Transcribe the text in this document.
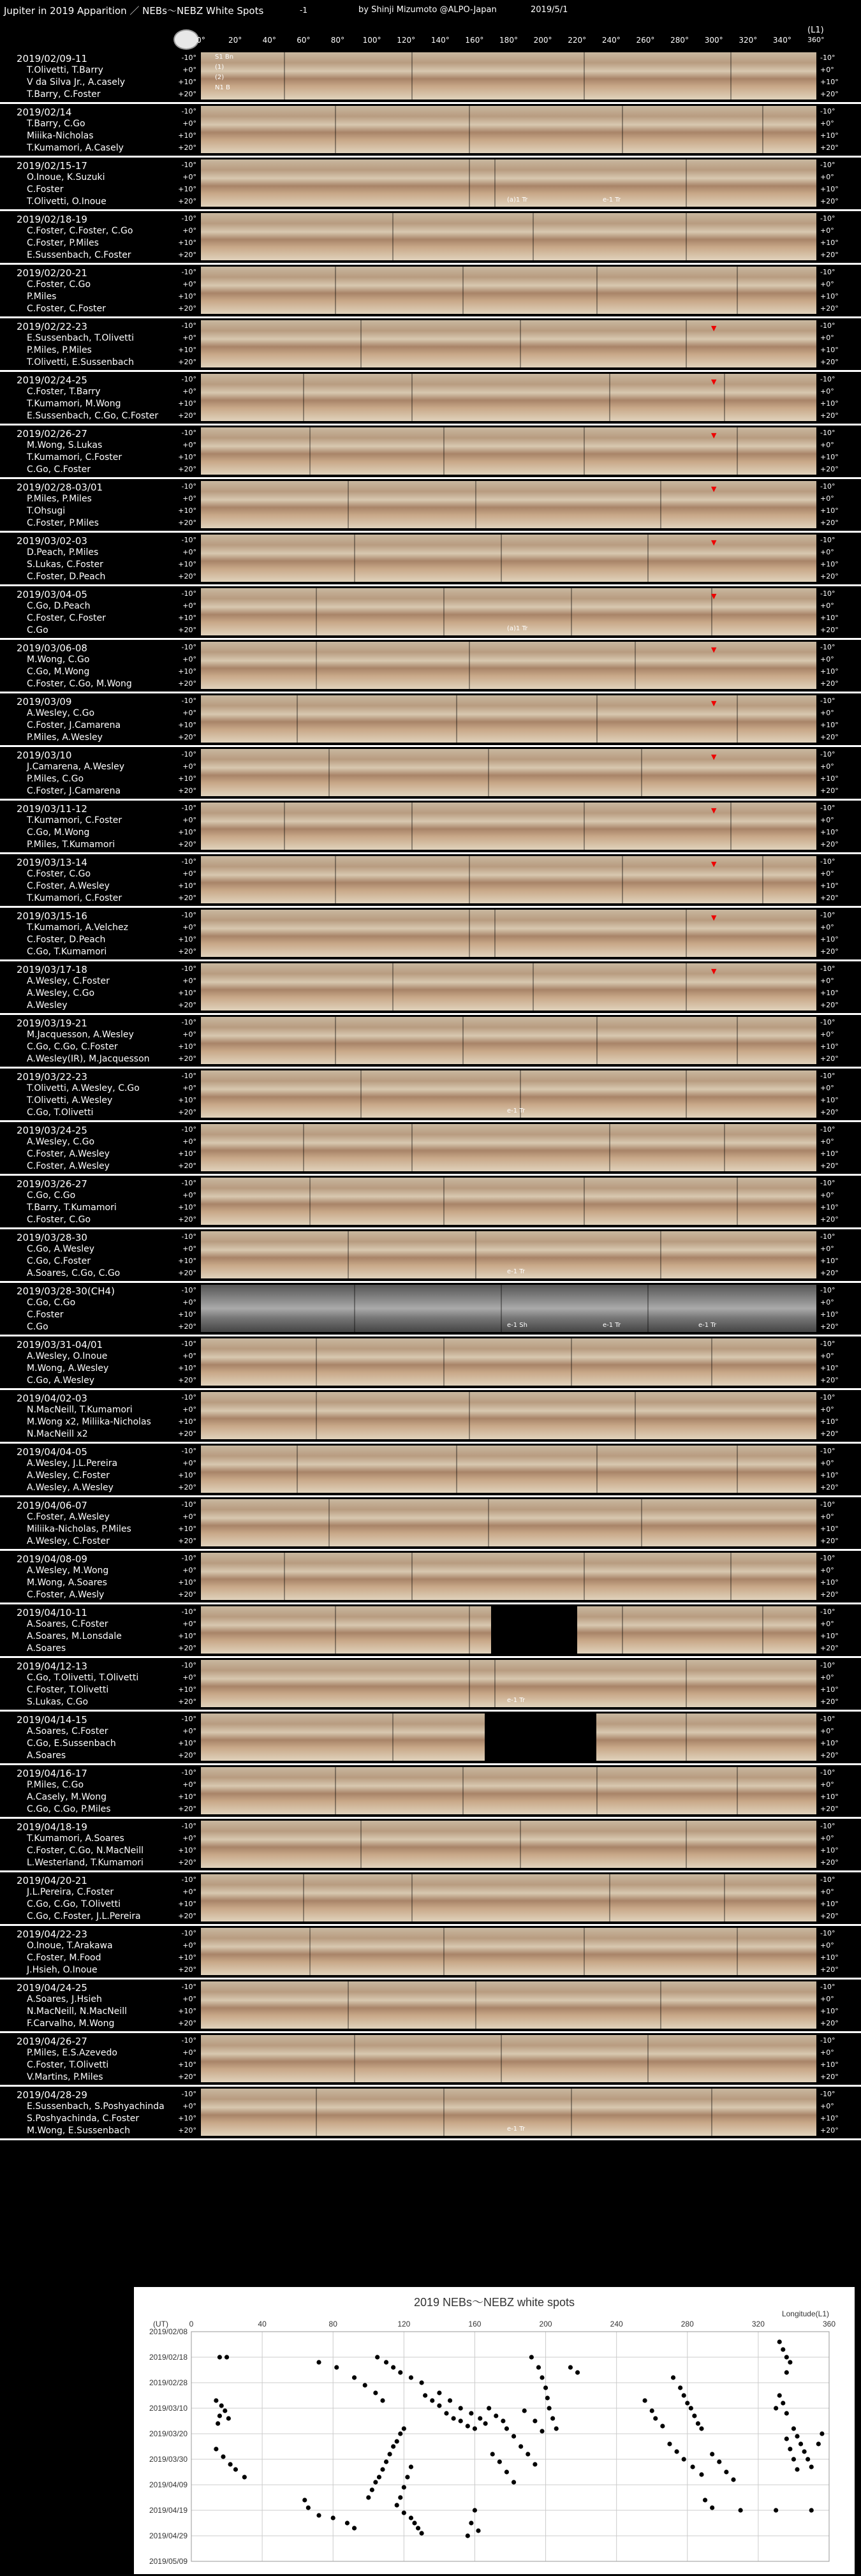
Jupiter in 2019 Apparition ／ NEBs～NEBZ White Spots	-1	by Shinji Mizumoto @ALPO-Japan	2019/5/1
(L1)
360°
0°	20°	40°	60°	80° 100° 120° 140° 160° 180° 200° 220° 240° 260° 280° 300° 320° 340°
2019/02/09-11
T.Olivetti, T.Barry
V da Silva Jr., A.casely
T.Barry, C.Foster
-10°	-10°
+0°	+0°
+10°	+10°
+20°	+20°
S1 Bn
(1)
(2)
N1 B
2019/02/14
T.Barry, C.Go
Miiika-Nicholas
T.Kumamori, A.Casely
-10°	-10°
+0°	+0°
+10°	+10°
+20°	+20°
2019/02/15-17
O.Inoue, K.Suzuki
C.Foster
T.Olivetti, O.Inoue
-10°	-10°
+0°	+0°
+10°	+10°
+20°	+20°
(a)1 Tr	e-1 Tr
2019/02/18-19
C.Foster, C.Foster, C.Go
C.Foster, P.Miles
E.Sussenbach, C.Foster
-10°	-10°
+0°	+0°
+10°	+10°
+20°	+20°
2019/02/20-21
C.Foster, C.Go
P.Miles
C.Foster, C.Foster
-10°	-10°
+0°	+0°
+10°	+10°
+20°	+20°
2019/02/22-23
E.Sussenbach, T.Olivetti
P.Miles, P.Miles
T.Olivetti, E.Sussenbach
-10°	-10°
+0°	+0°
+10°	+10°
+20°	+20°
▼
2019/02/24-25
C.Foster, T.Barry
T.Kumamori, M.Wong
E.Sussenbach, C.Go, C.Foster
-10°	-10°
+0°	+0°
+10°	+10°
+20°	+20°
▼
2019/02/26-27
M.Wong, S.Lukas
T.Kumamori, C.Foster
C.Go, C.Foster
-10°	-10°
+0°	+0°
+10°	+10°
+20°	+20°
▼
2019/02/28-03/01
P.Miles, P.Miles
T.Ohsugi
C.Foster, P.Miles
-10°	-10°
+0°	+0°
+10°	+10°
+20°	+20°
▼
2019/03/02-03
D.Peach, P.Miles
S.Lukas, C.Foster
C.Foster, D.Peach
-10°	-10°
+0°	+0°
+10°	+10°
+20°	+20°
▼
2019/03/04-05
C.Go, D.Peach
C.Foster, C.Foster
C.Go
-10°	-10°
+0°	+0°
+10°	+10°
+20°	+20°
(a)1 Tr
▼
2019/03/06-08
M.Wong, C.Go
C.Go, M.Wong
C.Foster, C.Go, M.Wong
-10°	-10°
+0°	+0°
+10°	+10°
+20°	+20°
▼
2019/03/09
A.Wesley, C.Go
C.Foster, J.Camarena
P.Miles, A.Wesley
-10°	-10°
+0°	+0°
+10°	+10°
+20°	+20°
▼
2019/03/10
J.Camarena, A.Wesley
P.Miles, C.Go
C.Foster, J.Camarena
-10°	-10°
+0°	+0°
+10°	+10°
+20°	+20°
▼
2019/03/11-12
T.Kumamori, C.Foster
C.Go, M.Wong
P.Miles, T.Kumamori
-10°	-10°
+0°	+0°
+10°	+10°
+20°	+20°
▼
2019/03/13-14
C.Foster, C.Go
C.Foster, A.Wesley
T.Kumamori, C.Foster
-10°	-10°
+0°	+0°
+10°	+10°
+20°	+20°
▼
2019/03/15-16
T.Kumamori, A.Velchez
C.Foster, D.Peach
C.Go, T.Kumamori
-10°	-10°
+0°	+0°
+10°	+10°
+20°	+20°
▼
2019/03/17-18
A.Wesley, C.Foster
A.Wesley, C.Go
A.Wesley
-10°	-10°
+0°	+0°
+10°	+10°
+20°	+20°
▼
2019/03/19-21
M.Jacquesson, A.Wesley
C.Go, C.Go, C.Foster
A.Wesley(IR), M.Jacquesson
-10°	-10°
+0°	+0°
+10°	+10°
+20°	+20°
2019/03/22-23
T.Olivetti, A.Wesley, C.Go
T.Olivetti, A.Wesley
C.Go, T.Olivetti
-10°	-10°
+0°	+0°
+10°	+10°
+20°	+20°
e-1 Tr
2019/03/24-25
A.Wesley, C.Go
C.Foster, A.Wesley
C.Foster, A.Wesley
-10°	-10°
+0°	+0°
+10°	+10°
+20°	+20°
2019/03/26-27
C.Go, C.Go
T.Barry, T.Kumamori
C.Foster, C.Go
-10°	-10°
+0°	+0°
+10°	+10°
+20°	+20°
2019/03/28-30
C.Go, A.Wesley
C.Go, C.Foster
A.Soares, C.Go, C.Go
-10°	-10°
+0°	+0°
+10°	+10°
+20°	+20°
e-1 Tr
2019/03/28-30(CH4)
C.Go, C.Go
C.Foster
C.Go
-10°	-10°
+0°	+0°
+10°	+10°
+20°	+20°
e-1 Sh	e-1 Tr	e-1 Tr
2019/03/31-04/01
A.Wesley, O.Inoue
M.Wong, A.Wesley
C.Go, A.Wesley
-10°	-10°
+0°	+0°
+10°	+10°
+20°	+20°
2019/04/02-03
N.MacNeill, T.Kumamori
M.Wong x2, Miliika-Nicholas
N.MacNeill x2
-10°	-10°
+0°	+0°
+10°	+10°
+20°	+20°
2019/04/04-05
A.Wesley, J.L.Pereira
A.Wesley, C.Foster
A.Wesley, A.Wesley
-10°	-10°
+0°	+0°
+10°	+10°
+20°	+20°
2019/04/06-07
C.Foster, A.Wesley
Miliika-Nicholas, P.Miles
A.Wesley, C.Foster
-10°	-10°
+0°	+0°
+10°	+10°
+20°	+20°
2019/04/08-09
A.Wesley, M.Wong
M.Wong, A.Soares
C.Foster, A.Wesly
-10°	-10°
+0°	+0°
+10°	+10°
+20°	+20°
2019/04/10-11
A.Soares, C.Foster
A.Soares, M.Lonsdale
A.Soares
-10°	-10°
+0°	+0°
+10°	+10°
+20°	+20°
2019/04/12-13
C.Go, T.Olivetti, T.Olivetti
C.Foster, T.Olivetti
S.Lukas, C.Go
-10°	-10°
+0°	+0°
+10°	+10°
+20°	+20°
e-1 Tr
2019/04/14-15
A.Soares, C.Foster
C.Go, E.Sussenbach
A.Soares
-10°	-10°
+0°	+0°
+10°	+10°
+20°	+20°
2019/04/16-17
P.Miles, C.Go
A.Casely, M.Wong
C.Go, C.Go, P.Miles
-10°	-10°
+0°	+0°
+10°	+10°
+20°	+20°
2019/04/18-19
T.Kumamori, A.Soares
C.Foster, C.Go, N.MacNeill
L.Westerland, T.Kumamori
-10°	-10°
+0°	+0°
+10°	+10°
+20°	+20°
2019/04/20-21
J.L.Pereira, C.Foster
C.Go, C.Go, T.Olivetti
C.Go, C.Foster, J.L.Pereira
-10°	-10°
+0°	+0°
+10°	+10°
+20°	+20°
2019/04/22-23
O.Inoue, T.Arakawa
C.Foster, M.Food
J.Hsieh, O.Inoue
-10°	-10°
+0°	+0°
+10°	+10°
+20°	+20°
2019/04/24-25
A.Soares, J.Hsieh
N.MacNeill, N.MacNeill
F.Carvalho, M.Wong
-10°	-10°
+0°	+0°
+10°	+10°
+20°	+20°
2019/04/26-27
P.Miles, E.S.Azevedo
C.Foster, T.Olivetti
V.Martins, P.Miles
-10°	-10°
+0°	+0°
+10°	+10°
+20°	+20°
2019/04/28-29
E.Sussenbach, S.Poshyachinda
S.Poshyachinda, C.Foster
M.Wong, E.Sussenbach
-10°	-10°
+0°	+0°
+10°	+10°
+20°	+20°
e-1 Tr
2019 NEBs～NEBZ white spots
(UT)
Longitude(L1)
0	40	80	120	160	200	240	280	320	360
2019/02/08
2019/02/18
2019/02/28
2019/03/10
2019/03/20
2019/03/30
2019/04/09
2019/04/19
2019/04/29
2019/05/09
